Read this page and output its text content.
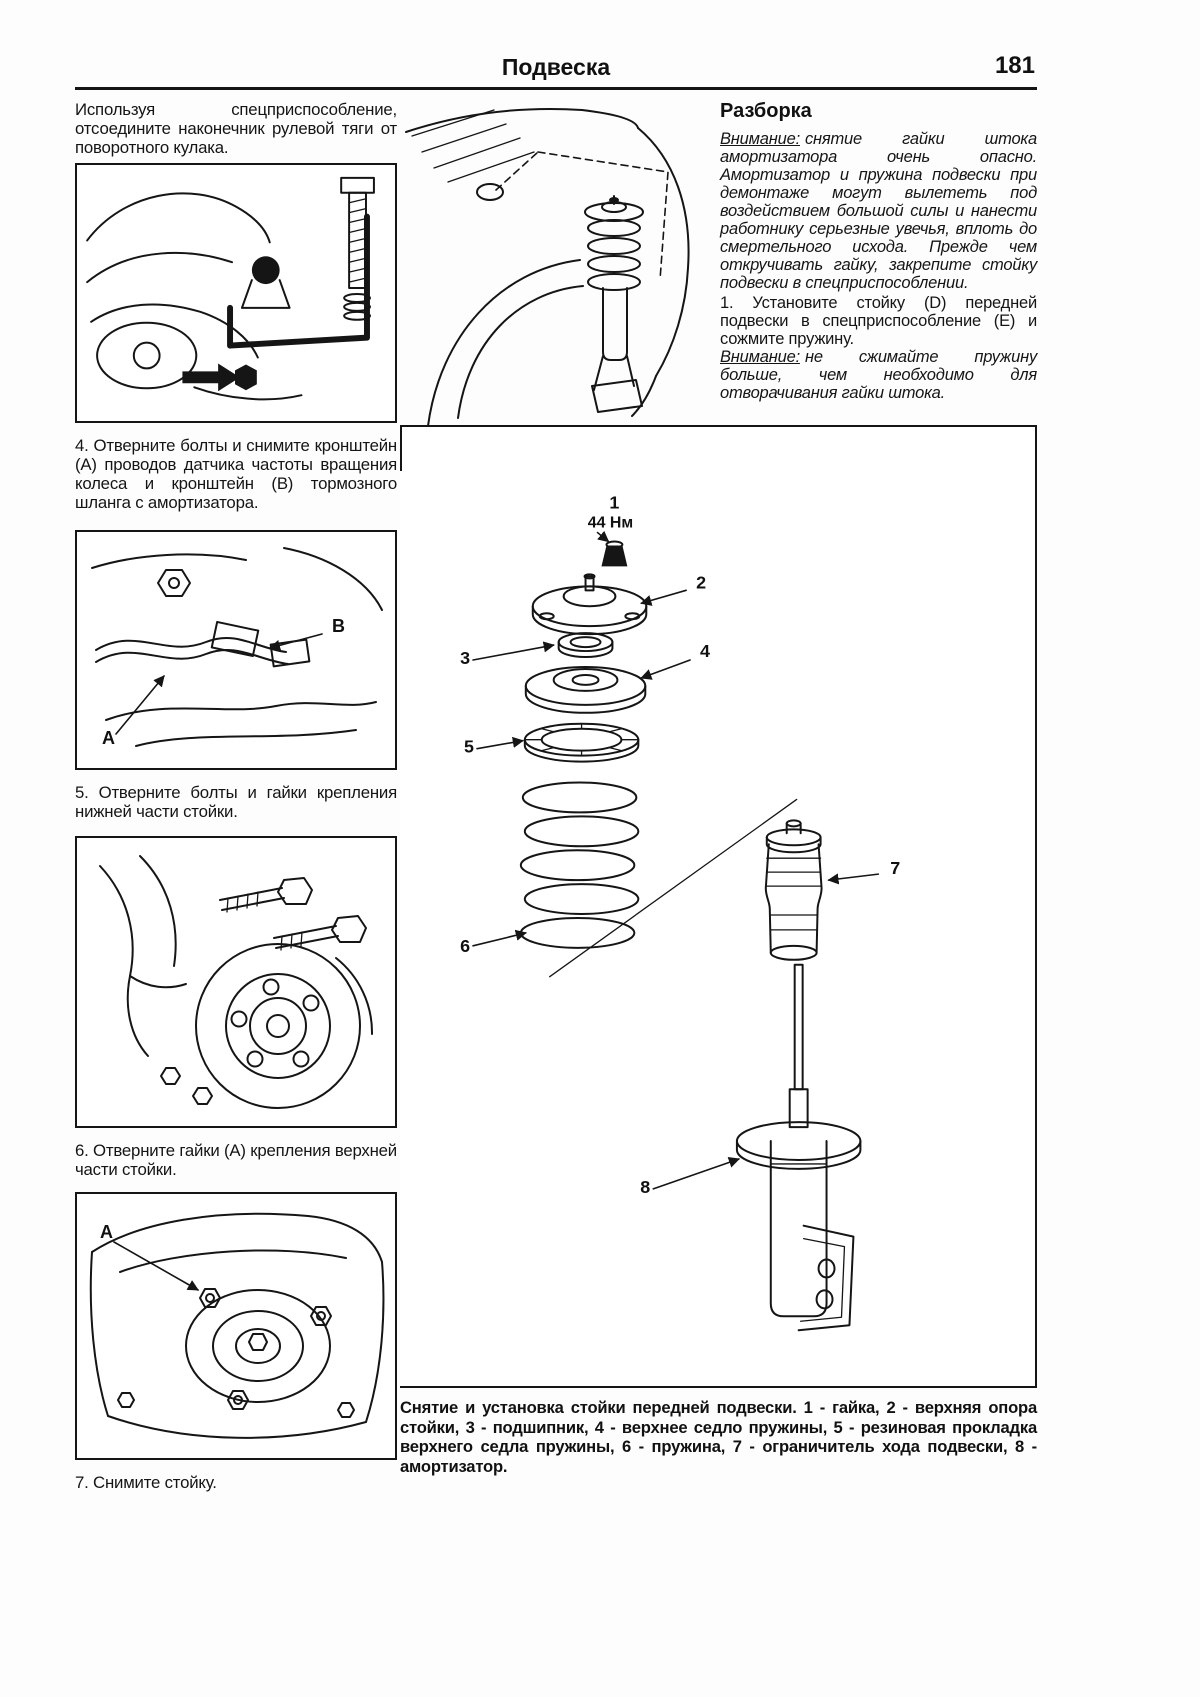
Подвеска	181

Используя спецприспособление, отсоедините наконечник рулевой тяги от поворотного кулака.

4. Отверните болты и снимите кронштейн (А) проводов датчика частоты вращения колеса и кронштейн (В) тормозного шланга с амортизатора.

B
A

5. Отверните болты и гайки крепления нижней части стойки.

6. Отверните гайки (А) крепления верхней части стойки.

A

7. Снимите стойку.

Разборка

Внимание: снятие гайки штока амортизатора очень опасно. Амортизатор и пружина подвески при демонтаже могут вылететь под воздействием большой силы и нанести работнику серьезные увечья, вплоть до смертельного исхода. Прежде чем откручивать гайку, закрепите стойку подвески в спецприспособлении.

1. Установите стойку (D) передней подвески в спецприспособление (Е) и сожмите пружину.

Внимание: не сжимайте пружину больше, чем необходимо для отворачивания гайки штока.

1
44 Нм
2
3	4
5
6
7
8

Снятие и установка стойки передней подвески. 1 - гайка, 2 - верхняя опора стойки, 3 - подшипник, 4 - верхнее седло пружины, 5 - резиновая прокладка верхнего седла пружины, 6 - пружина, 7 - ограничитель хода подвески, 8 - амортизатор.
